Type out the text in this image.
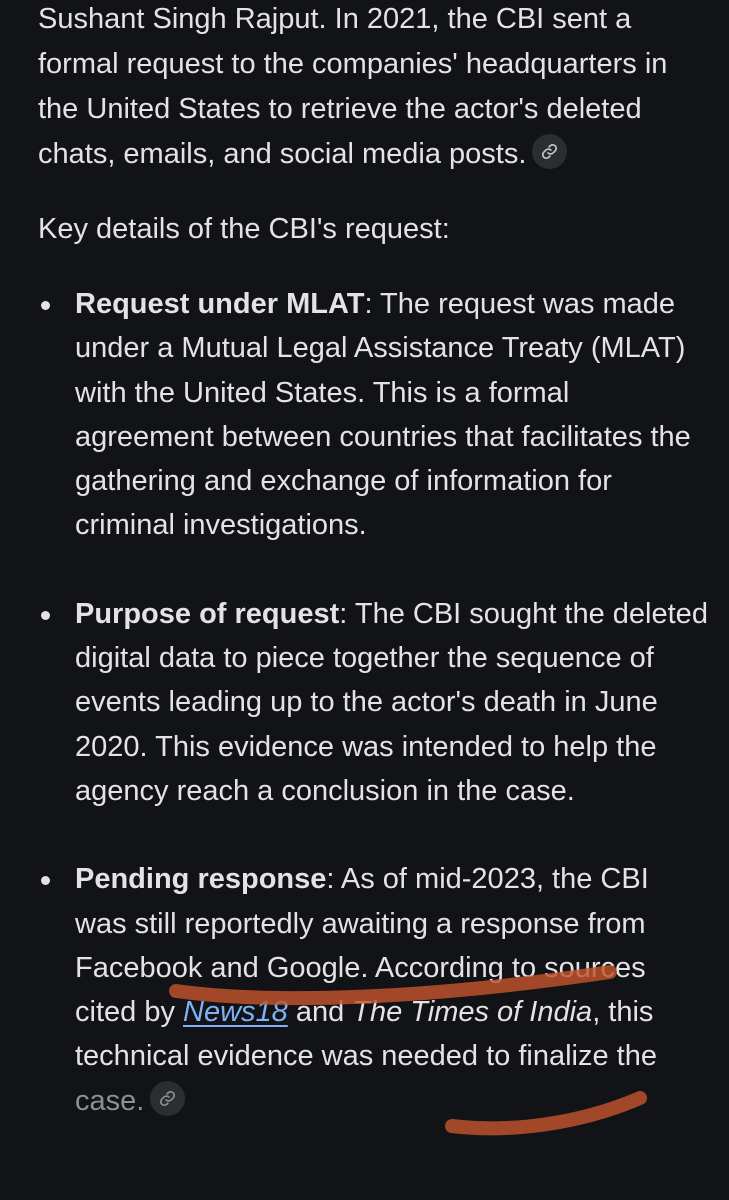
Sushant Singh Rajput. In 2021, the CBI sent a formal request to the companies' headquarters in the United States to retrieve the actor's deleted chats, emails, and social media posts.

Key details of the CBI's request:

Request under MLAT: The request was made under a Mutual Legal Assistance Treaty (MLAT) with the United States. This is a formal agreement between countries that facilitates the gathering and exchange of information for criminal investigations.
Purpose of request: The CBI sought the deleted digital data to piece together the sequence of events leading up to the actor's death in June 2020. This evidence was intended to help the agency reach a conclusion in the case.
Pending response: As of mid-2023, the CBI was still reportedly awaiting a response from Facebook and Google. According to sources cited by News18 and The Times of India, this technical evidence was needed to finalize the case.
